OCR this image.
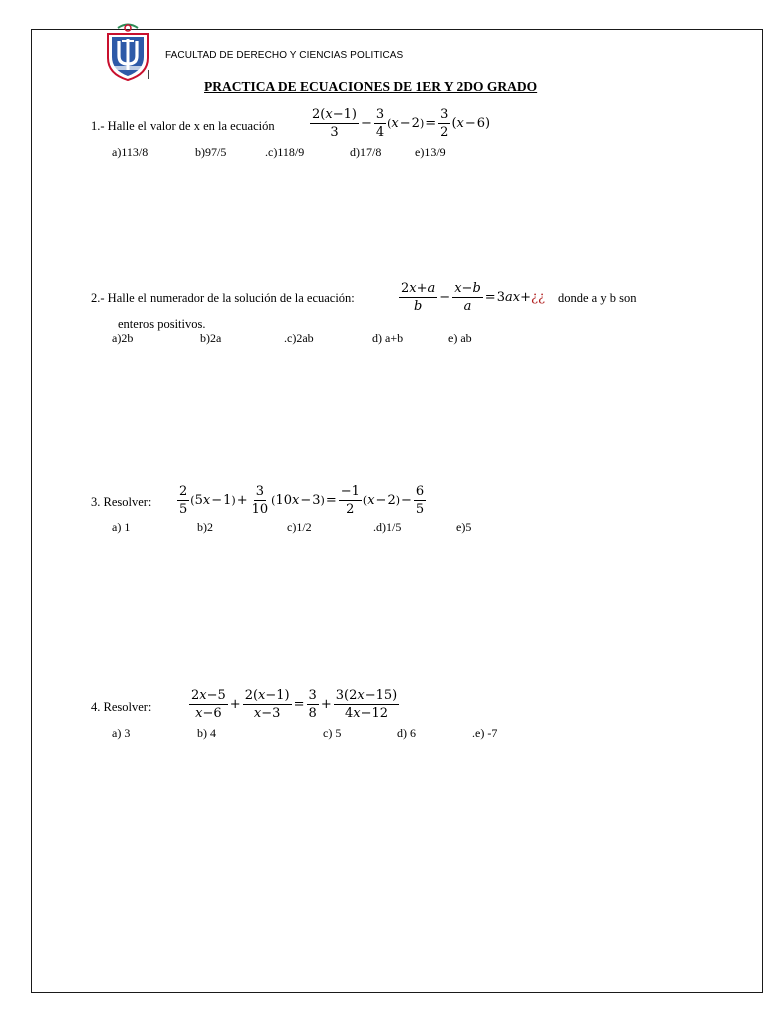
FACULTAD DE DERECHO Y CIENCIAS POLITICAS
PRACTICA DE ECUACIONES DE 1ER Y 2DO GRADO
1.- Halle el valor de x en la ecuación	$\frac{2(x-1)}{3} - \frac{3}{4}$ ( x − 2 ) = $\frac{3}{2} (x-6)$
a)113/8	b)97/5	.c)118/9	d)17/8	e)13/9
2.- Halle el numerador de la solución de la ecuación:	$\frac{2x+a}{b} - \frac{x-b}{a}$ = 3ax+¿¿ donde a y b son
enteros positivos.
a)2b	b)2a	.c)2ab	d) a+b	e) ab
3. Resolver: $\frac{2}{5}$ ( 5 x − 1 ) + $\frac{3}{10}$ ( 10 x − 3 ) = $\frac{-1}{2}$ ( x − 2 ) − $\frac{6}{5}$
a) 1	b)2	c)1/2	.d)1/5	e)5
4. Resolver:	$\frac{2x-5}{x-6} + \frac{2(x-1)}{x-3} = \frac{3}{8} + \frac{3(2x-15)}{4x-12}$
a) 3	b) 4	c) 5	d) 6	.e) -7
